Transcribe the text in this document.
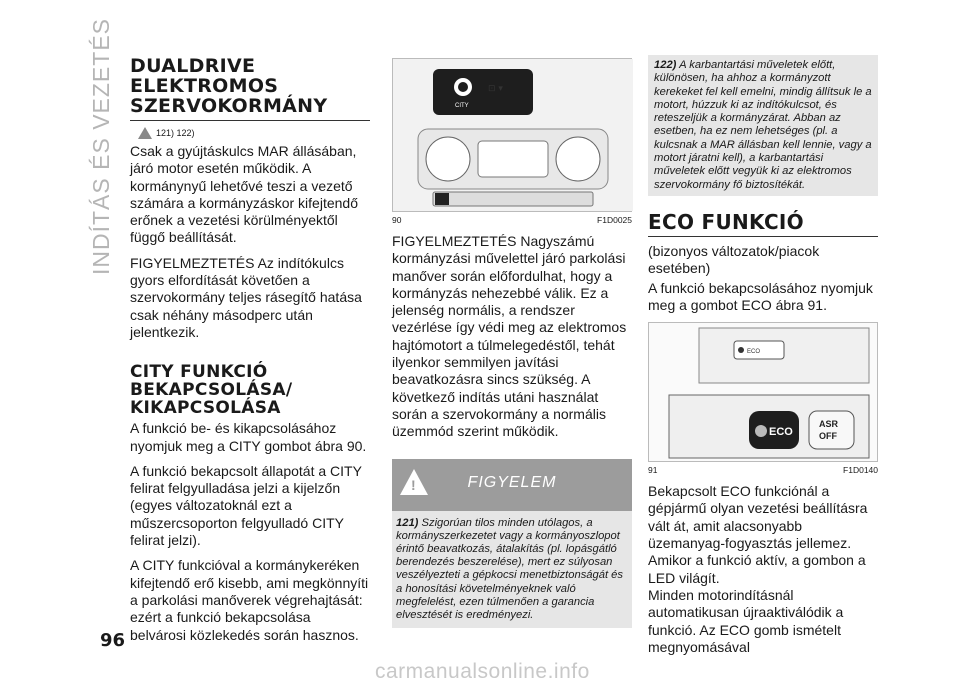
INDÍTÁS ÉS VEZETÉS DUALDRIVE ELEKTROMOS SZERVOKORMÁNY
121) 122)

Csak a gyújtáskulcs MAR állásában, járó motor esetén működik. A kormánynyű lehetővé teszi a vezető számára a kormányzáskor kifejtendő erőnek a vezetési körülményektől függő beállítását.

FIGYELMEZTETÉS Az indítókulcs gyors elfordítását követően a szervokormány teljes rásegítő hatása csak néhány másodperc után jelentkezik.

CITY FUNKCIÓ BEKAPCSOLÁSA/ KIKAPCSOLÁSA

A funkció be- és kikapcsolásához nyomjuk meg a CITY gombot ábra 90.

A funkció bekapcsolt állapotát a CITY felirat felgyulladása jelzi a kijelzőn (egyes változatoknál ezt a műszercsoporton felgyulladó CITY felirat jelzi).

A CITY funkcióval a kormánykeréken kifejtendő erő kisebb, ami megkönnyíti a parkolási manőverek végrehajtását: ezért a funkció bekapcsolása belvárosi közlekedés során hasznos.

CITY
⊡ ▾
90	F1D0025

FIGYELMEZTETÉS Nagyszámú kormányzási művelettel járó parkolási manőver során előfordulhat, hogy a kormányzás nehezebbé válik. Ez a jelenség normális, a rendszer vezérlése így védi meg az elektromos hajtómotort a túlmelegedéstől, tehát ilyenkor semmilyen javítási beavatkozásra sincs szükség. A következő indítás utáni használat során a szervokormány a normális üzemmód szerint működik.

!
FIGYELEM
121) Szigorúan tilos minden utólagos, a kormányszerkezetet vagy a kormányoszlopot érintő beavatkozás, átalakítás (pl. lopásgátló berendezés beszerelése), mert ez súlyosan veszélyezteti a gépkocsi menetbiztonságát és a honosítási követelményeknek való megfelelést, ezen túlmenően a garancia elvesztését is eredményezi.
122) A karbantartási műveletek előtt, különösen, ha ahhoz a kormányzott kerekeket fel kell emelni, mindig állítsuk le a motort, húzzuk ki az indítókulcsot, és reteszeljük a kormányzárat. Abban az esetben, ha ez nem lehetséges (pl. a kulcsnak a MAR állásban kell lennie, vagy a motort járatni kell), a karbantartási műveletek előtt vegyük ki az elektromos szervokormány fő biztosítékát.
ECO FUNKCIÓ

(bizonyos változatok/piacok esetében)

A funkció bekapcsolásához nyomjuk meg a gombot ECO ábra 91.

ECO
ECO
ASR
OFF
91	F1D0140

Bekapcsolt ECO funkciónál a gépjármű olyan vezetési beállításra vált át, amit alacsonyabb üzemanyag-fogyasztás jellemez. Amikor a funkció aktív, a gombon a LED világít.

Minden motorindításnál automatikusan újraaktiválódik a funkció. Az ECO gomb ismételt megnyomásával

96
carmanualsonline.info
